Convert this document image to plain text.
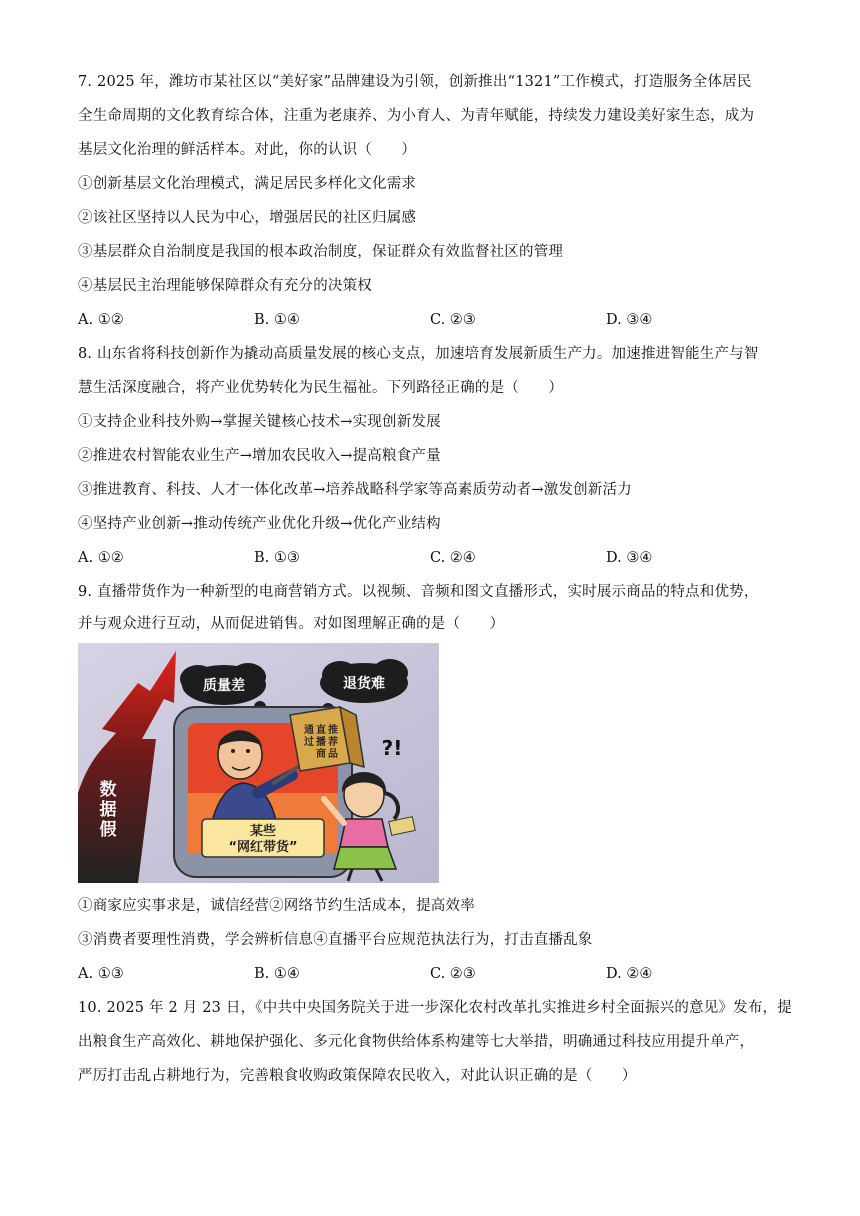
7. 2025 年，潍坊市某社区以“美好家”品牌建设为引领，创新推出“1321”工作模式，打造服务全体居民
全生命周期的文化教育综合体，注重为老康养、为小育人、为青年赋能，持续发力建设美好家生态，成为
基层文化治理的鲜活样本。对此，你的认识（　　）
①创新基层文化治理模式，满足居民多样化文化需求
②该社区坚持以人民为中心，增强居民的社区归属感
③基层群众自治制度是我国的根本政治制度，保证群众有效监督社区的管理
④基层民主治理能够保障群众有充分的决策权
A. ①②	B. ①④	C. ②③	D. ③④
8. 山东省将科技创新作为撬动高质量发展的核心支点，加速培育发展新质生产力。加速推进智能生产与智
慧生活深度融合，将产业优势转化为民生福祉。下列路径正确的是（　　）
①支持企业科技外购→掌握关键核心技术→实现创新发展
②推进农村智能农业生产→增加农民收入→提高粮食产量
③推进教育、科技、人才一体化改革→培养战略科学家等高素质劳动者→激发创新活力
④坚持产业创新→推动传统产业优化升级→优化产业结构
A. ①②	B. ①③	C. ②④	D. ③④
9. 直播带货作为一种新型的电商营销方式。以视频、音频和图文直播形式，实时展示商品的特点和优势，
并与观众进行互动，从而促进销售。对如图理解正确的是（　　）
质量差	退货难
数
据
假
通
过
直
播
推
荐
商 品
某些
“网红带货”
?!
①商家应实事求是，诚信经营②网络节约生活成本，提高效率
③消费者要理性消费，学会辨析信息④直播平台应规范执法行为，打击直播乱象
A. ①③	B. ①④	C. ②③	D. ②④
10. 2025 年 2 月 23 日，《中共中央国务院关于进一步深化农村改革扎实推进乡村全面振兴的意见》发布，提
出粮食生产高效化、耕地保护强化、多元化食物供给体系构建等七大举措，明确通过科技应用提升单产，
严厉打击乱占耕地行为，完善粮食收购政策保障农民收入，对此认识正确的是（　　）
